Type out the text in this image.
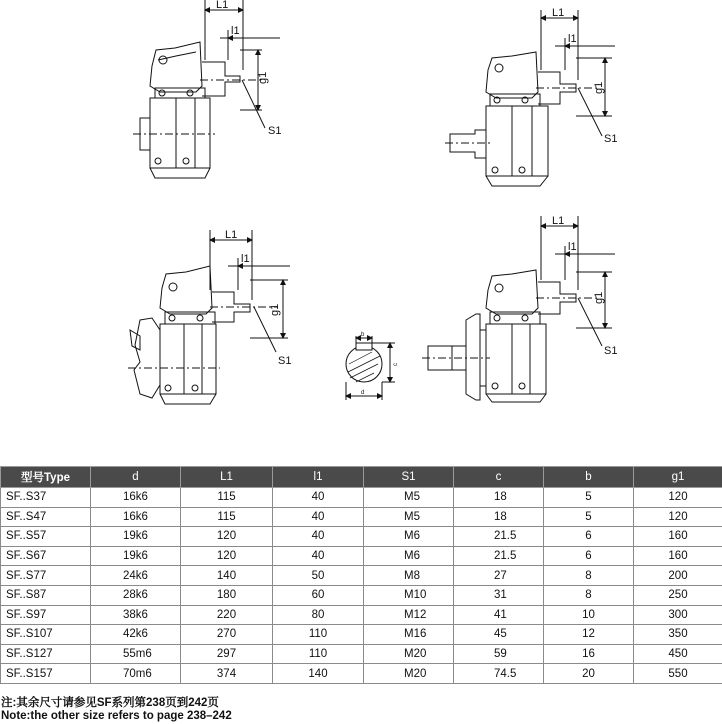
L1
l1
g1
S1
L1
l1
g1
S1
L1
l1
g1
S1
L1
l1
g1
S1
b
c
d
型号Type	d	L1	l1	S1	c	b	g1
SF..S37	16k6	115	40	M5	18	5	120
SF..S47	16k6	115	40	M5	18	5	120
SF..S57	19k6	120	40	M6	21.5	6	160
SF..S67	19k6	120	40	M6	21.5	6	160
SF..S77	24k6	140	50	M8	27	8	200
SF..S87	28k6	180	60	M10	31	8	250
SF..S97	38k6	220	80	M12	41	10	300
SF..S107	42k6	270	110	M16	45	12	350
SF..S127	55m6	297	110	M20	59	16	450
SF..S157	70m6	374	140	M20	74.5	20	550
注:其余尺寸请参见SF系列第238页到242页
Note:the other size refers to page 238–242
